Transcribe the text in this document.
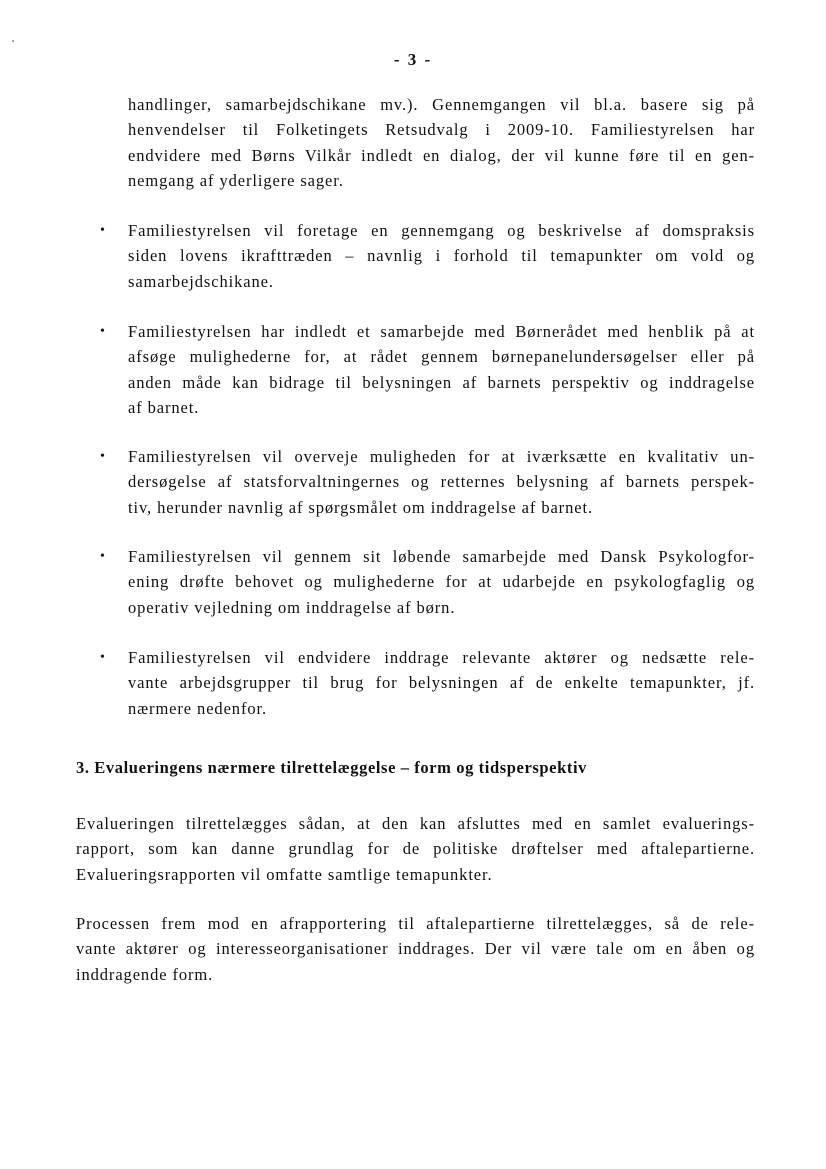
- 3 -
handlinger, samarbejdschikane mv.). Gennemgangen vil bl.a. basere sig på
henvendelser til Folketingets Retsudvalg i 2009-10. Familiestyrelsen har
endvidere med Børns Vilkår indledt en dialog, der vil kunne føre til en gen-
nemgang af yderligere sager.
• Familiestyrelsen vil foretage en gennemgang og beskrivelse af domspraksis
siden lovens ikrafttræden – navnlig i forhold til temapunkter om vold og
samarbejdschikane.
• Familiestyrelsen har indledt et samarbejde med Børnerådet med henblik på at
afsøge mulighederne for, at rådet gennem børnepanelundersøgelser eller på
anden måde kan bidrage til belysningen af barnets perspektiv og inddragelse
af barnet.
• Familiestyrelsen vil overveje muligheden for at iværksætte en kvalitativ un-
dersøgelse af statsforvaltningernes og retternes belysning af barnets perspek-
tiv, herunder navnlig af spørgsmålet om inddragelse af barnet.
• Familiestyrelsen vil gennem sit løbende samarbejde med Dansk Psykologfor-
ening drøfte behovet og mulighederne for at udarbejde en psykologfaglig og
operativ vejledning om inddragelse af børn.
• Familiestyrelsen vil endvidere inddrage relevante aktører og nedsætte rele-
vante arbejdsgrupper til brug for belysningen af de enkelte temapunkter, jf.
nærmere nedenfor.
3. Evalueringens nærmere tilrettelæggelse – form og tidsperspektiv
Evalueringen tilrettelægges sådan, at den kan afsluttes med en samlet evaluerings-
rapport, som kan danne grundlag for de politiske drøftelser med aftalepartierne.
Evalueringsrapporten vil omfatte samtlige temapunkter.
Processen frem mod en afrapportering til aftalepartierne tilrettelægges, så de rele-
vante aktører og interesseorganisationer inddrages. Der vil være tale om en åben og
inddragende form.
